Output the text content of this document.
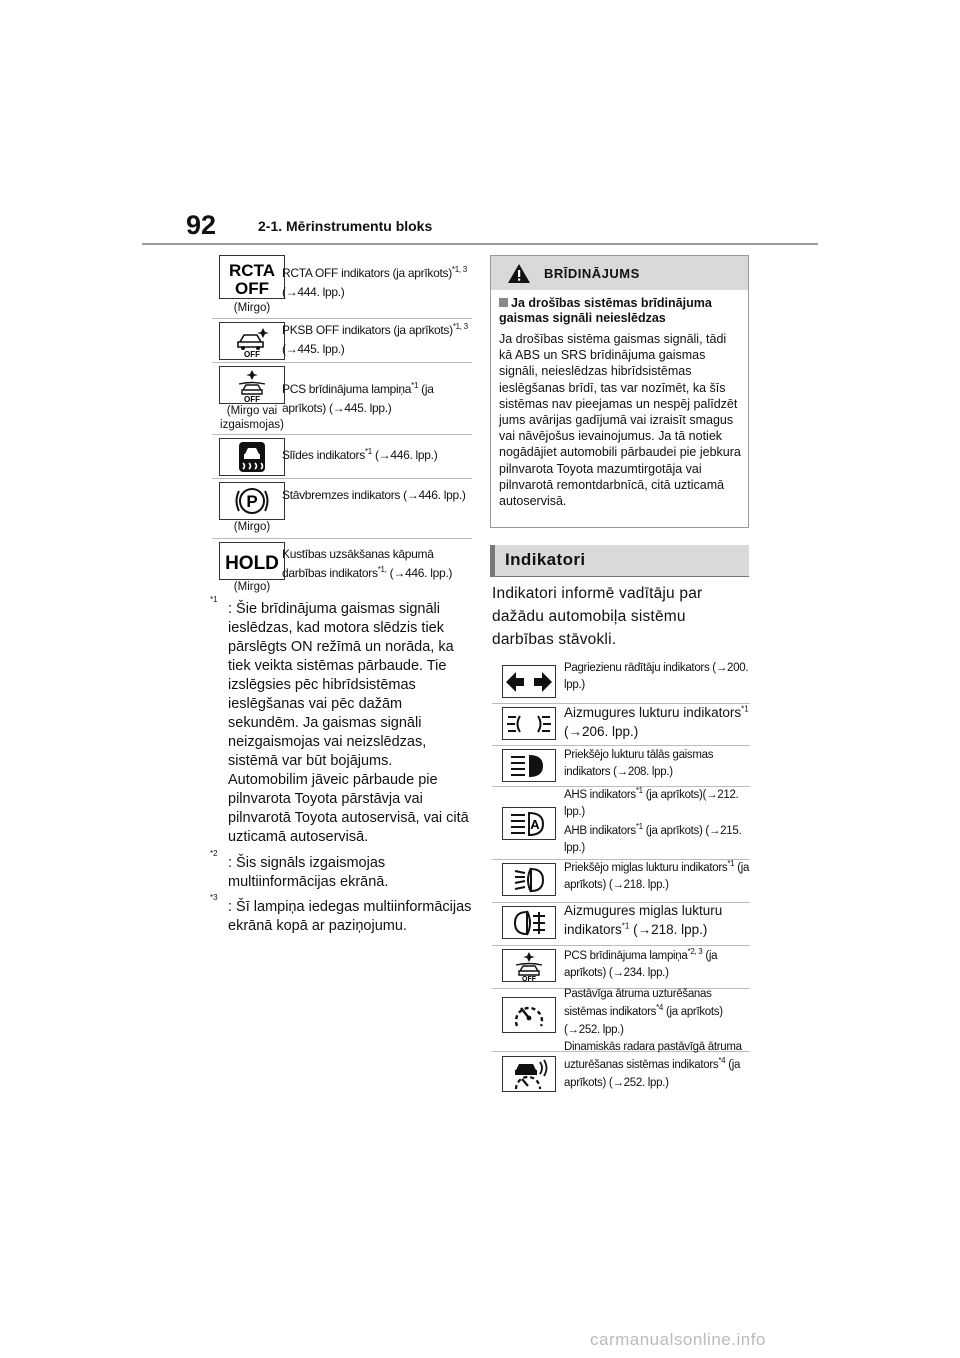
92	2-1. Mērinstrumentu bloks
RCTA
OFF
(Mirgo)
RCTA OFF indikators (ja aprīkots)$^{*1, 3}$ (→444. lpp.)
OFF
PKSB OFF indikators (ja aprīkots)$^{*1, 3}$ (→445. lpp.)
OFF
(Mirgo vai izgaismojas)
PCS brīdinājuma lampiņa$^{*1}$ (ja aprīkots) (→445. lpp.)
Slīdes indikators$^{*1}$ (→446. lpp.)
P
(Mirgo)
Stāvbremzes indikators (→446. lpp.)
HOLD
(Mirgo)
Kustības uzsākšanas kāpumā darbības indikators$^{*1,}$ (→446. lpp.)
*1
: Šie brīdinājuma gaismas signāli ieslēdzas, kad motora slēdzis tiek pārslēgts ON režīmā un norāda, ka tiek veikta sistēmas pārbaude. Tie izslēgsies pēc hibrīdsistēmas ieslēgšanas vai pēc dažām sekundēm. Ja gaismas signāli neizgaismojas vai neizslēdzas, sistēmā var būt bojājums. Automobilim jāveic pārbaude pie pilnvarota Toyota pārstāvja vai pilnvarotā Toyota autoservisā, vai citā uzticamā autoservisā.
*2
: Šis signāls izgaismojas multiinformācijas ekrānā.
*3
: Šī lampiņa iedegas multiinformācijas ekrānā kopā ar paziņojumu.
BRĪDINĀJUMS
Ja drošības sistēmas brīdinājuma gaismas signāli neieslēdzas
Ja drošības sistēma gaismas signāli, tādi kā ABS un SRS brīdinājuma gaismas signāli, neieslēdzas hibrīdsistēmas ieslēgšanas brīdī, tas var nozīmēt, ka šīs sistēmas nav pieejamas un nespēj palīdzēt jums avārijas gadījumā vai izraisīt smagus vai nāvējošus ievainojumus. Ja tā notiek nogādājiet automobili pārbaudei pie jebkura pilnvarota Toyota mazumtirgotāja vai pilnvarotā remontdarbnīcā, citā uzticamā autoservisā.
Indikatori
Indikatori informē vadītāju par dažādu automobiļa sistēmu darbības stāvokli.
Pagriezienu rādītāju indikators (→200. lpp.)
Aizmugures lukturu indikators$^{*1}$ (→206. lpp.)
Priekšējo lukturu tālās gaismas indikators (→208. lpp.)
A
AHS indikators$^{*1}$ (ja aprīkots)(→212. lpp.)
AHB indikators$^{*1}$ (ja aprīkots) (→215. lpp.)
Priekšējo miglas lukturu indikators$^{*1}$ (ja aprīkots) (→218. lpp.)
Aizmugures miglas lukturu indikators$^{*1}$ (→218. lpp.)
OFF
PCS brīdinājuma lampiņa$^{*2, 3}$ (ja aprīkots) (→234. lpp.)
Pastāvīga ātruma uzturēšanas sistēmas indikators$^{*4}$ (ja aprīkots) (→252. lpp.)
Dinamiskās radara pastāvīgā ātruma uzturēšanas sistēmas indikators$^{*4}$ (ja aprīkots) (→252. lpp.)
carmanualsonline.info
